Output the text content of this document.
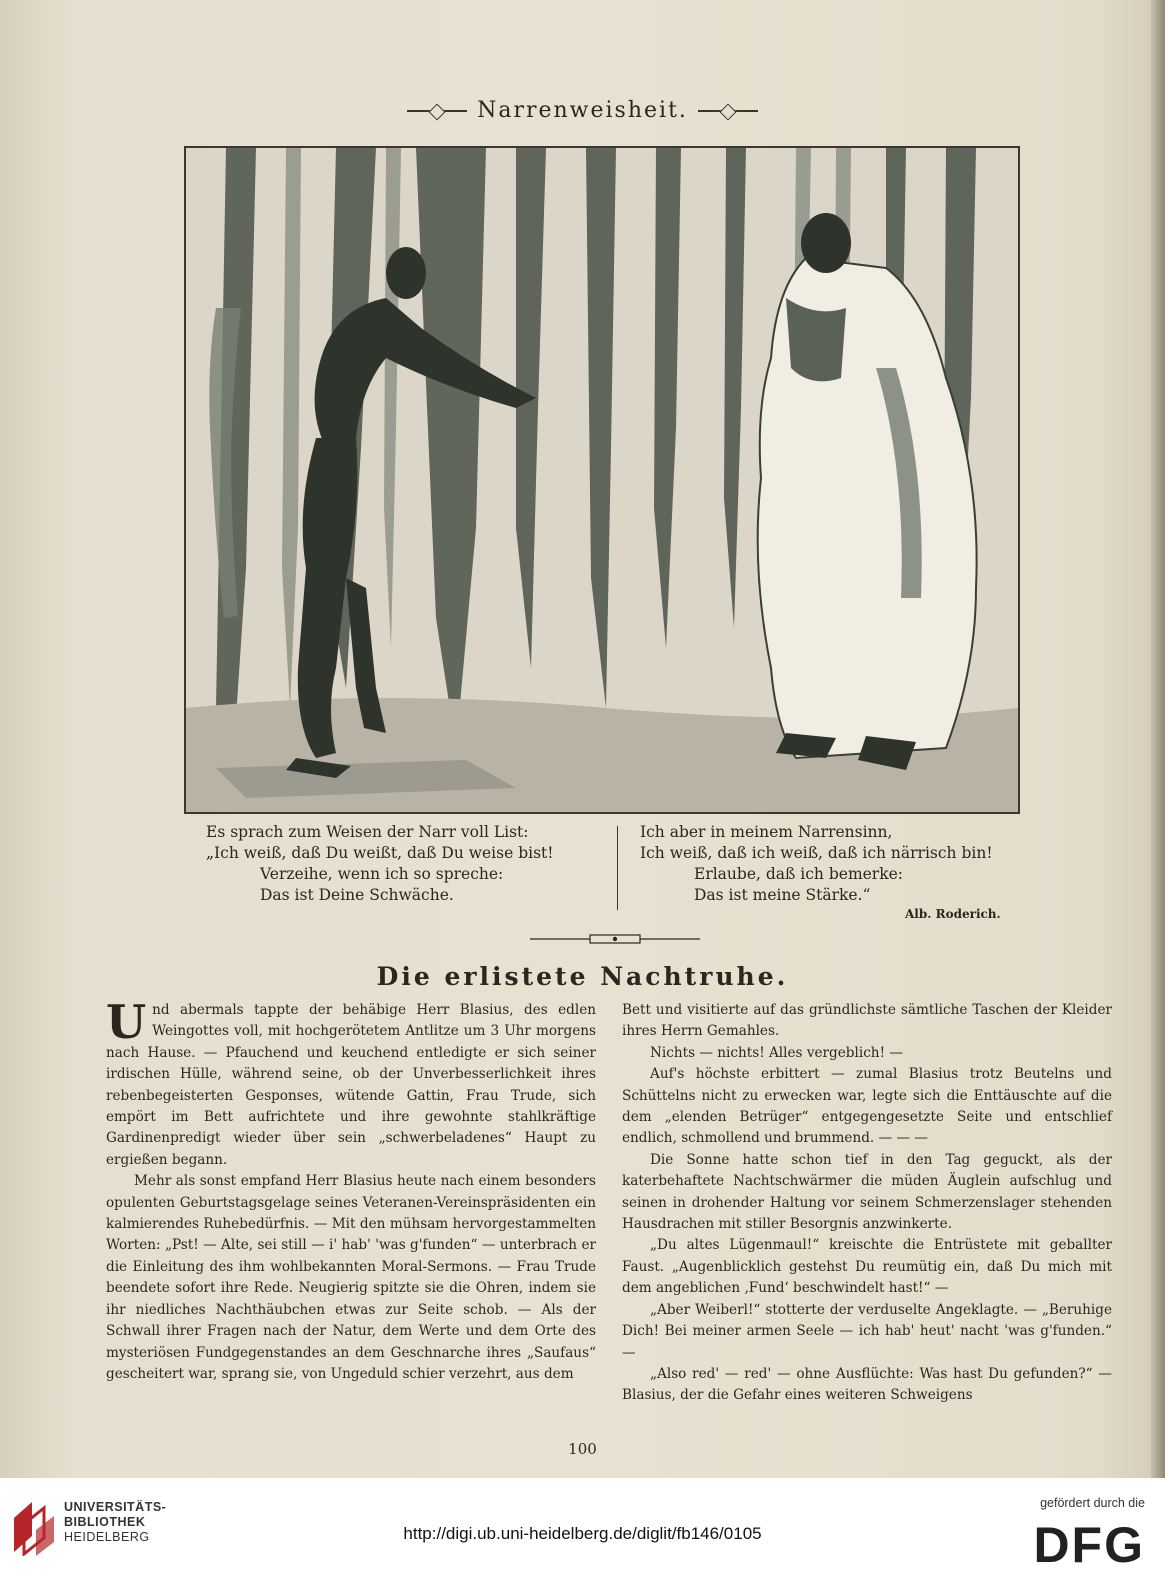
Narrenweisheit.
Es sprach zum Weisen der Narr voll List:
„Ich weiß, daß Du weißt, daß Du weise bist!
Verzeihe, wenn ich so spreche:
Das ist Deine Schwäche.
Ich aber in meinem Narrensinn,
Ich weiß, daß ich weiß, daß ich närrisch bin!
Erlaube, daß ich bemerke:
Das ist meine Stärke.“
Alb. Roderich.
Die erlistete Nachtruhe.

Und abermals tappte der behäbige Herr Blasius, des edlen Weingottes voll, mit hochgerötetem Antlitze um 3 Uhr morgens nach Hause. — Pfauchend und keuchend entledigte er sich seiner irdischen Hülle, während seine, ob der Unverbesserlichkeit ihres rebenbegeisterten Gesponses, wütende Gattin, Frau Trude, sich empört im Bett aufrichtete und ihre gewohnte stahlkräftige Gardinenpredigt wieder über sein „schwerbeladenes“ Haupt zu ergießen begann.

Mehr als sonst empfand Herr Blasius heute nach einem besonders opulenten Geburtstagsgelage seines Veteranen-Vereinspräsidenten ein kalmierendes Ruhebedürfnis. — Mit den mühsam hervorgestammelten Worten: „Pst! — Alte, sei still — i' hab' 'was g'funden“ — unterbrach er die Einleitung des ihm wohlbekannten Moral-Sermons. — Frau Trude beendete sofort ihre Rede. Neugierig spitzte sie die Ohren, indem sie ihr niedliches Nachthäubchen etwas zur Seite schob. — Als der Schwall ihrer Fragen nach der Natur, dem Werte und dem Orte des mysteriösen Fundgegenstandes an dem Geschnarche ihres „Saufaus“ gescheitert war, sprang sie, von Ungeduld schier verzehrt, aus dem

Bett und visitierte auf das gründlichste sämtliche Taschen der Kleider ihres Herrn Gemahles.

Nichts — nichts! Alles vergeblich! —

Auf's höchste erbittert — zumal Blasius trotz Beutelns und Schüttelns nicht zu erwecken war, legte sich die Enttäuschte auf die dem „elenden Betrüger“ entgegengesetzte Seite und entschlief endlich, schmollend und brummend. — — —

Die Sonne hatte schon tief in den Tag geguckt, als der katerbehaftete Nachtschwärmer die müden Äuglein aufschlug und seinen in drohender Haltung vor seinem Schmerzenslager stehenden Hausdrachen mit stiller Besorgnis anzwinkerte.

„Du altes Lügenmaul!“ kreischte die Entrüstete mit geballter Faust. „Augenblicklich gestehst Du reumütig ein, daß Du mich mit dem angeblichen ‚Fund‘ beschwindelt hast!“ —

„Aber Weiberl!“ stotterte der verduselte Angeklagte. — „Beruhige Dich! Bei meiner armen Seele — ich hab' heut' nacht 'was g'funden.“ —

„Also red' — red' — ohne Ausflüchte: Was hast Du gefunden?“ — Blasius, der die Gefahr eines weiteren Schweigens

100
UNIVERSITÄTS-
BIBLIOTHEK
HEIDELBERG	http://digi.ub.uni-heidelberg.de/diglit/fb146/0105
gefördert durch die
DFG
